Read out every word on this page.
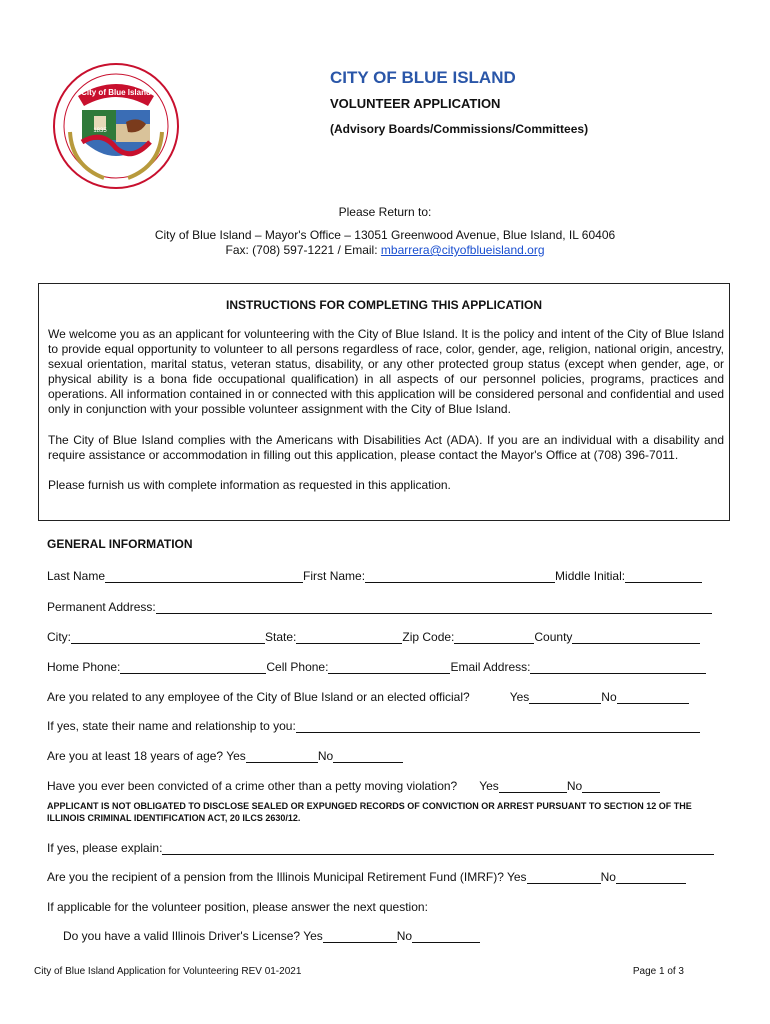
City of Blue Island
1835
CITY OF BLUE ISLAND
VOLUNTEER APPLICATION
(Advisory Boards/Commissions/Committees)
Please Return to:
City of Blue Island – Mayor's Office – 13051 Greenwood Avenue, Blue Island, IL 60406
Fax: (708) 597-1221 / Email: mbarrera@cityofblueisland.org
INSTRUCTIONS FOR COMPLETING THIS APPLICATION

We welcome you as an applicant for volunteering with the City of Blue Island. It is the policy and intent of the City of Blue Island to provide equal opportunity to volunteer to all persons regardless of race, color, gender, age, religion, national origin, ancestry, sexual orientation, marital status, veteran status, disability, or any other protected group status (except when gender, age, or physical ability is a bona fide occupational qualification) in all aspects of our personnel policies, programs, practices and operations. All information contained in or connected with this application will be considered personal and confidential and used only in conjunction with your possible volunteer assignment with the City of Blue Island.

The City of Blue Island complies with the Americans with Disabilities Act (ADA). If you are an individual with a disability and require assistance or accommodation in filling out this application, please contact the Mayor's Office at (708) 396-7011.

Please furnish us with complete information as requested in this application.

GENERAL INFORMATION
Last Name	First Name:	Middle Initial:
Permanent Address:
City:	State:	Zip Code:	County
Home Phone:	Cell Phone:	Email Address:
Are you related to any employee of the City of Blue Island or an elected official?	Yes	No
If yes, state their name and relationship to you:
Are you at least 18 years of age? Yes	No
Have you ever been convicted of a crime other than a petty moving violation? Yes	No
APPLICANT IS NOT OBLIGATED TO DISCLOSE SEALED OR EXPUNGED RECORDS OF CONVICTION OR ARREST PURSUANT TO SECTION 12 OF THE ILLINOIS CRIMINAL IDENTIFICATION ACT, 20 ILCS 2630/12.
If yes, please explain:
Are you the recipient of a pension from the Illinois Municipal Retirement Fund (IMRF)? Yes	No
If applicable for the volunteer position, please answer the next question:
Do you have a valid Illinois Driver's License? Yes	No
City of Blue Island Application for Volunteering REV 01-2021	Page 1 of 3
